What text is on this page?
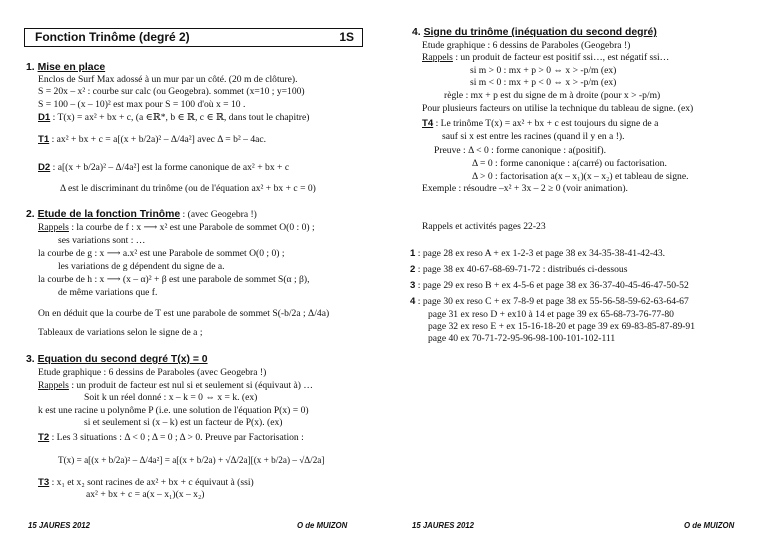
Fonction Trinôme (degré 2)	1S
1. Mise en place
Enclos de Surf Max adossé à un mur par un côté. (20 m de clôture).
S = 20x – x² : courbe sur calc (ou Geogebra). sommet (x=10 ; y=100)
S = 100 – (x – 10)² est max pour S = 100 d'où x = 10 .
D1 : T(x) = ax² + bx + c, (a ∈ℝ*, b ∈ ℝ, c ∈ ℝ, dans tout le chapitre)
T1 : ax² + bx + c = a[(x + b/2a)² – Δ/4a²] avec Δ = b² – 4ac.
D2 : a[(x + b/2a)² – Δ/4a²] est la forme canonique de ax² + bx + c
Δ est le discriminant du trinôme (ou de l'équation ax² + bx + c = 0)
2. Etude de la fonction Trinôme : (avec Geogebra !)
Rappels : la courbe de f : x ⟶ x² est une Parabole de sommet O(0 : 0) ;
ses variations sont : …
la courbe de g : x ⟶ a.x² est une Parabole de sommet O(0 ; 0) ;
les variations de g dépendent du signe de a.
la courbe de h : x ⟶ (x – α)² + β est une parabole de sommet S(α ; β),
de même variations que f.
On en déduit que la courbe de T est une parabole de sommet S(-b/2a ; Δ/4a)
Tableaux de variations selon le signe de a ;
3. Equation du second degré T(x) = 0
Etude graphique : 6 dessins de Paraboles (avec Geogebra !)
Rappels : un produit de facteur est nul si et seulement si (équivaut à) …
Soit k un réel donné : x – k = 0 ⇔ x = k. (ex)
k est une racine u polynôme P (i.e. une solution de l'équation P(x) = 0)
si et seulement si (x – k) est un facteur de P(x). (ex)
T2 : Les 3 situations : Δ < 0 ; Δ = 0 ; Δ > 0. Preuve par Factorisation :
T(x) = a[(x + b/2a)² – Δ/4a²] = a[(x + b/2a) + √Δ/2a][(x + b/2a) – √Δ/2a]
T3 : x₁ et x₂ sont racines de ax² + bx + c équivaut à (ssi)
ax² + bx + c = a(x – x₁)(x – x₂)
15 JAURES 2012	O de MUIZON
4. Signe du trinôme (inéquation du second degré)
Etude graphique : 6 dessins de Paraboles (Geogebra !)
Rappels : un produit de facteur est positif ssi…, est négatif ssi…
si m > 0 : mx + p > 0 ⇔ x > -p/m (ex)
si m < 0 : mx + p < 0 ⇔ x > -p/m (ex)
règle : mx + p est du signe de m à droite (pour x > -p/m)
Pour plusieurs facteurs on utilise la technique du tableau de signe. (ex)
T4 : Le trinôme T(x) = ax² + bx + c est toujours du signe de a
sauf si x est entre les racines (quand il y en a !).
Preuve : Δ < 0 : forme canonique : a(positif).
Δ = 0 : forme canonique : a(carré) ou factorisation.
Δ > 0 : factorisation a(x – x₁)(x – x₂) et tableau de signe.
Exemple : résoudre –x² + 3x – 2 ≥ 0 (voir animation).
Rappels et activités pages 22-23
1 : page 28 ex reso A + ex 1-2-3 et page 38 ex 34-35-38-41-42-43.
2 : page 38 ex 40-67-68-69-71-72 : distribués ci-dessous
3 : page 29 ex reso B + ex 4-5-6 et page 38 ex 36-37-40-45-46-47-50-52
4 : page 30 ex reso C + ex 7-8-9 et page 38 ex 55-56-58-59-62-63-64-67
page 31 ex reso D + ex10 à 14 et page 39 ex 65-68-73-76-77-80
page 32 ex reso E + ex 15-16-18-20 et page 39 ex 69-83-85-87-89-91
page 40 ex 70-71-72-95-96-98-100-101-102-111
15 JAURES 2012	O de MUIZON
